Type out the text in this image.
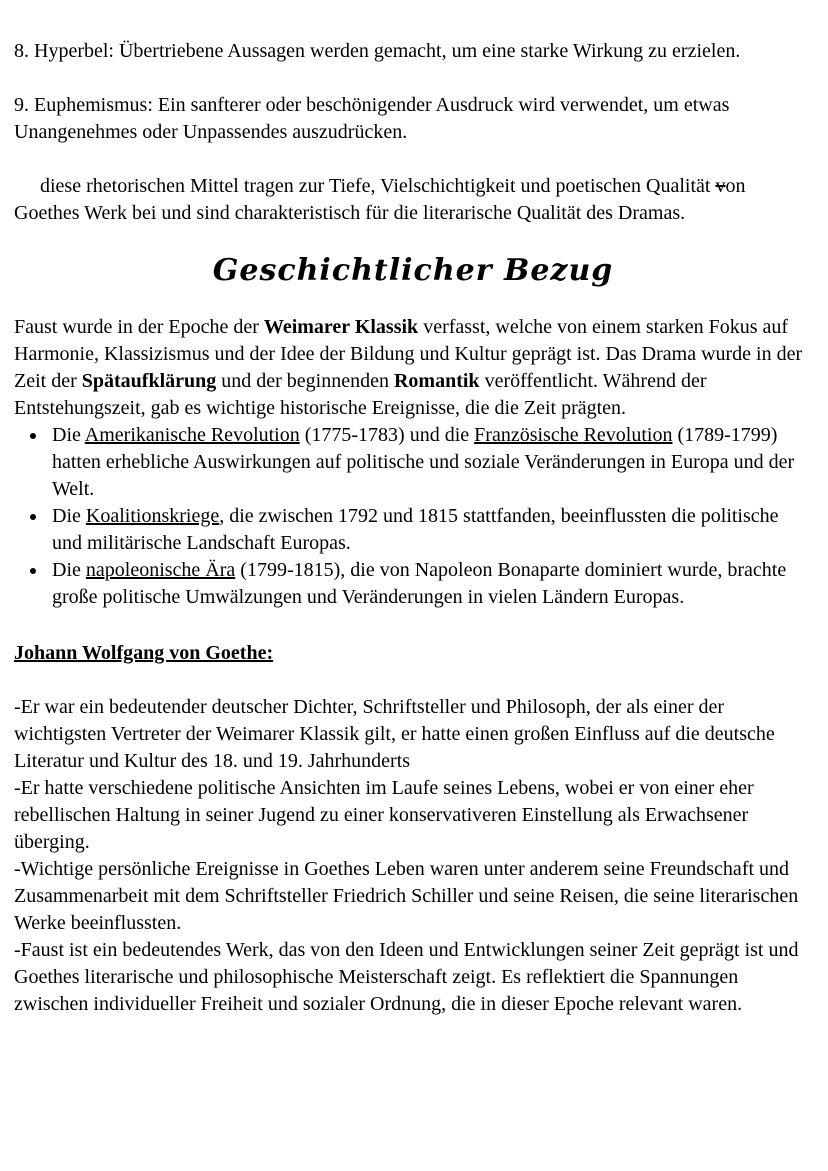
8. Hyperbel: Übertriebene Aussagen werden gemacht, um eine starke Wirkung zu erzielen.

9. Euphemismus: Ein sanfterer oder beschönigender Ausdruck wird verwendet, um etwas Unangenehmes oder Unpassendes auszudrücken.

diese rhetorischen Mittel tragen zur Tiefe, Vielschichtigkeit und poetischen Qualität von Goethes Werk bei und sind charakteristisch für die literarische Qualität des Dramas.

Geschichtlicher Bezug

Faust wurde in der Epoche der Weimarer Klassik verfasst, welche von einem starken Fokus auf Harmonie, Klassizismus und der Idee der Bildung und Kultur geprägt ist. Das Drama wurde in der Zeit der Spätaufklärung und der beginnenden Romantik veröffentlicht. Während der Entstehungszeit, gab es wichtige historische Ereignisse, die die Zeit prägten.

• Die Amerikanische Revolution (1775-1783) und die Französische Revolution (1789-1799) hatten erhebliche Auswirkungen auf politische und soziale Veränderungen in Europa und der Welt.
• Die Koalitionskriege, die zwischen 1792 und 1815 stattfanden, beeinflussten die politische und militärische Landschaft Europas.
• Die napoleonische Ära (1799-1815), die von Napoleon Bonaparte dominiert wurde, brachte große politische Umwälzungen und Veränderungen in vielen Ländern Europas.
Johann Wolfgang von Goethe:

-Er war ein bedeutender deutscher Dichter, Schriftsteller und Philosoph, der als einer der wichtigsten Vertreter der Weimarer Klassik gilt, er hatte einen großen Einfluss auf die deutsche Literatur und Kultur des 18. und 19. Jahrhunderts

-Er hatte verschiedene politische Ansichten im Laufe seines Lebens, wobei er von einer eher rebellischen Haltung in seiner Jugend zu einer konservativeren Einstellung als Erwachsener überging.

-Wichtige persönliche Ereignisse in Goethes Leben waren unter anderem seine Freundschaft und Zusammenarbeit mit dem Schriftsteller Friedrich Schiller und seine Reisen, die seine literarischen Werke beeinflussten.

-Faust ist ein bedeutendes Werk, das von den Ideen und Entwicklungen seiner Zeit geprägt ist und Goethes literarische und philosophische Meisterschaft zeigt. Es reflektiert die Spannungen zwischen individueller Freiheit und sozialer Ordnung, die in dieser Epoche relevant waren.
